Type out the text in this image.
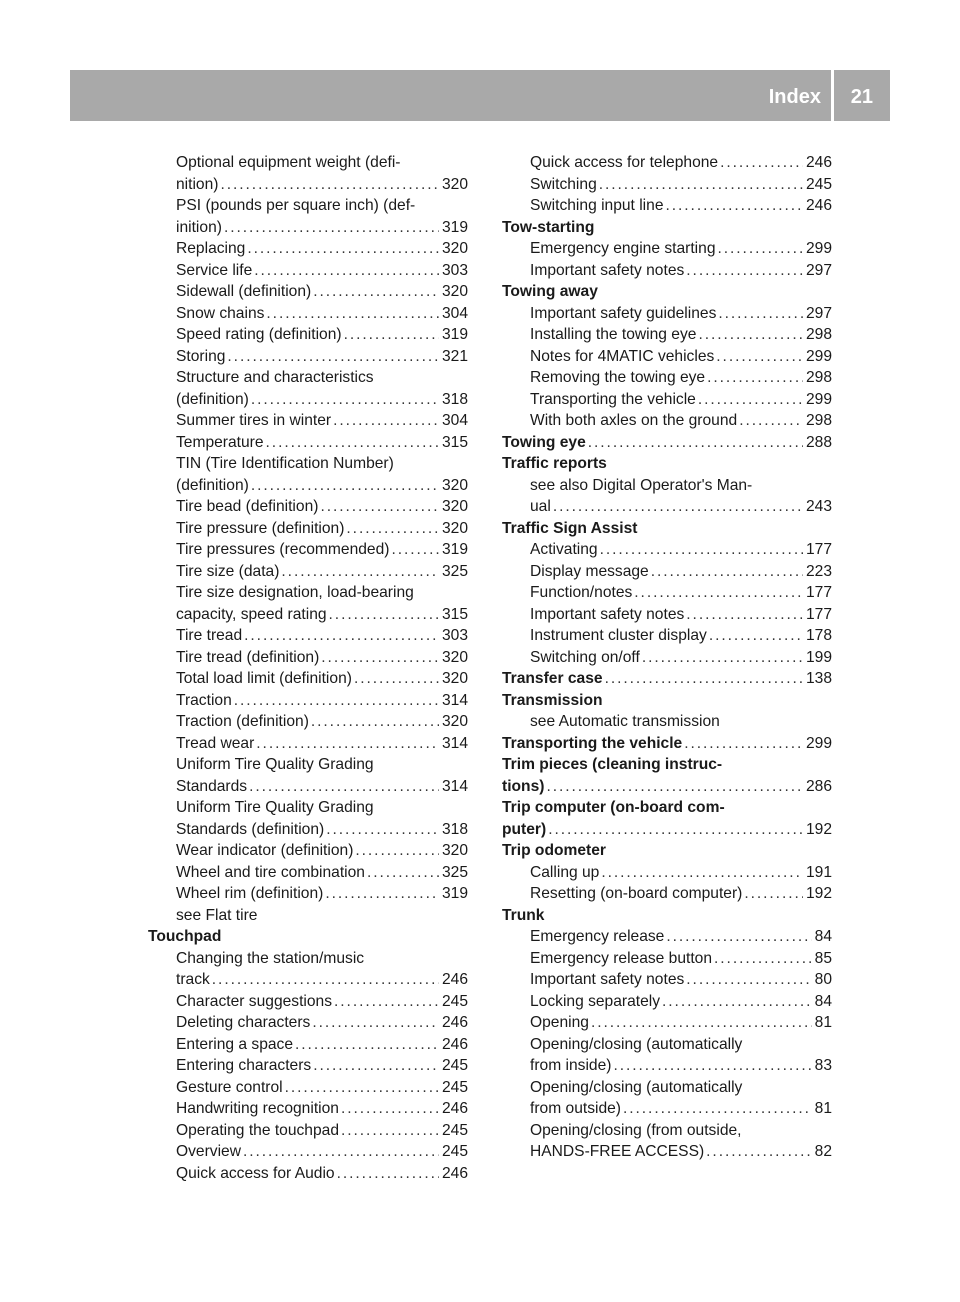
Index 21
Optional equipment weight (defi-
nition) . . .	320
PSI (pounds per square inch) (def-
inition) . . .	319
Replacing . . .	320
Service life . . .	303
Sidewall (definition) . . .	320
Snow chains . . .	304
Speed rating (definition) . . .	319
Storing . . .	321
Structure and characteristics
(definition) . . .	318
Summer tires in winter . . .	304
Temperature . . .	315
TIN (Tire Identification Number)
(definition) . . .	320
Tire bead (definition) . . .	320
Tire pressure (definition) . . .	320
Tire pressures (recommended) . . .	319
Tire size (data) . . .	325
Tire size designation, load-bearing
capacity, speed rating . . .	315
Tire tread . . .	303
Tire tread (definition) . . .	320
Total load limit (definition) . . .	320
Traction . . .	314
Traction (definition) . . .	320
Tread wear . . .	314
Uniform Tire Quality Grading
Standards . . .	314
Uniform Tire Quality Grading
Standards (definition) . . .	318
Wear indicator (definition) . . .	320
Wheel and tire combination . . .	325
Wheel rim (definition) . . .	319
see Flat tire
Touchpad
Changing the station/music
track . . .	246
Character suggestions . . .	245
Deleting characters . . .	246
Entering a space . . .	246
Entering characters . . .	245
Gesture control . . .	245
Handwriting recognition . . .	246
Operating the touchpad . . .	245
Overview . . .	245
Quick access for Audio . . .	246
Quick access for telephone . . .	246
Switching . . .	245
Switching input line . . .	246
Tow-starting
Emergency engine starting . . .	299
Important safety notes . . .	297
Towing away
Important safety guidelines . . .	297
Installing the towing eye . . .	298
Notes for 4MATIC vehicles . . .	299
Removing the towing eye . . .	298
Transporting the vehicle . . .	299
With both axles on the ground . . .	298
Towing eye . . .	288
Traffic reports
see also Digital Operator's Man-
ual . . .	243
Traffic Sign Assist
Activating . . .	177
Display message . . .	223
Function/notes . . .	177
Important safety notes . . .	177
Instrument cluster display . . .	178
Switching on/off . . .	199
Transfer case . . .	138
Transmission
see Automatic transmission
Transporting the vehicle . . .	299
Trim pieces (cleaning instruc-
tions) . . .	286
Trip computer (on-board com-
puter) . . .	192
Trip odometer
Calling up . . .	191
Resetting (on-board computer) . . .	192
Trunk
Emergency release . . .	84
Emergency release button . . .	85
Important safety notes . . .	80
Locking separately . . .	84
Opening . . .	81
Opening/closing (automatically
from inside) . . .	83
Opening/closing (automatically
from outside) . . .	81
Opening/closing (from outside,
HANDS-FREE ACCESS) . . .	82
